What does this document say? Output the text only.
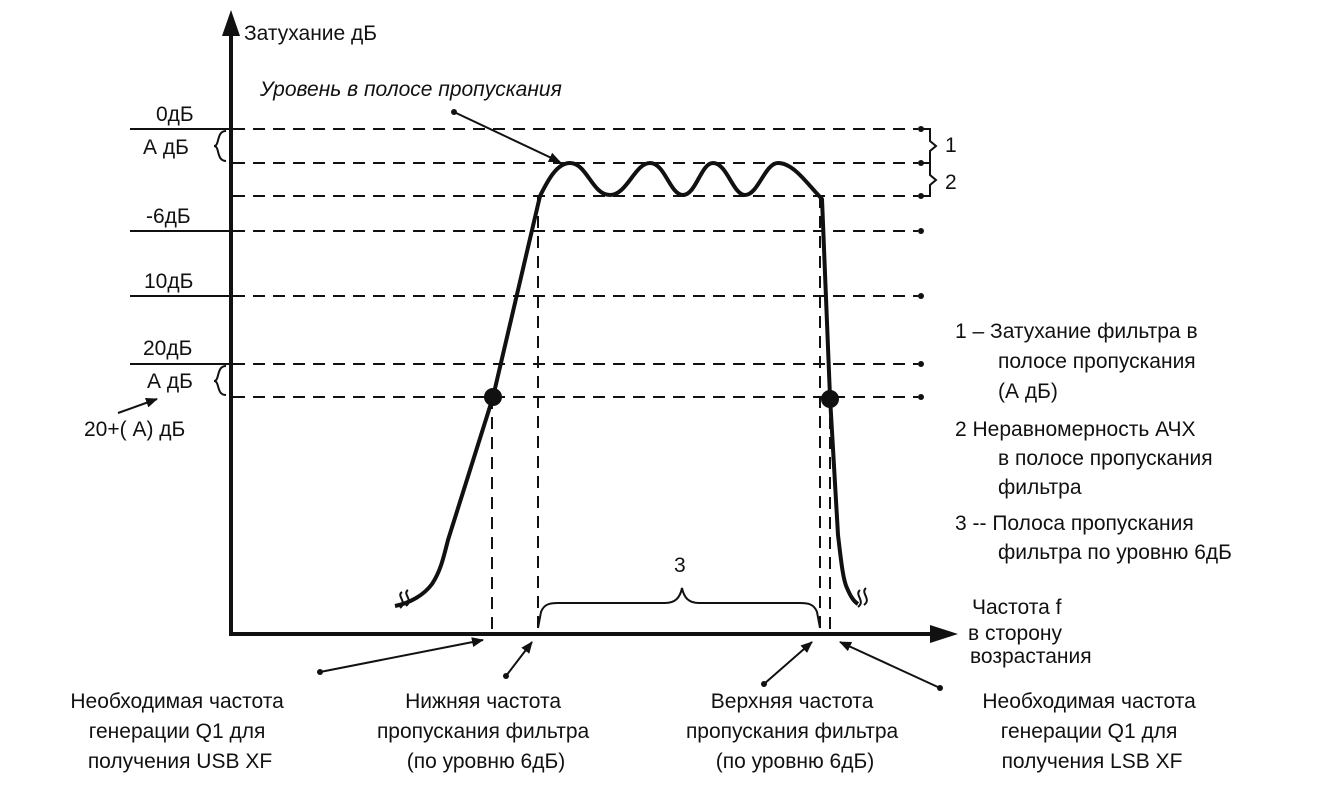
1
2
3
0дБ
А дБ
-6дБ
10дБ
20дБ
А дБ
20+( А) дБ
Затухание дБ
Частота f в сторону возрастания
Уровень в полосе пропускания
1 – Затухание фильтра в полосе пропускания (А дБ)
2 Неравномерность АЧХ в полосе пропускания фильтра
3 -- Полоса пропускания фильтра по уровню 6дБ
Необходимая частота генерации Q1 для получения USB XF
Нижняя частота пропускания фильтра (по уровню 6дБ)
Верхняя частота пропускания фильтра (по уровню 6дБ)
Необходимая частота генерации Q1 для получения LSB XF
